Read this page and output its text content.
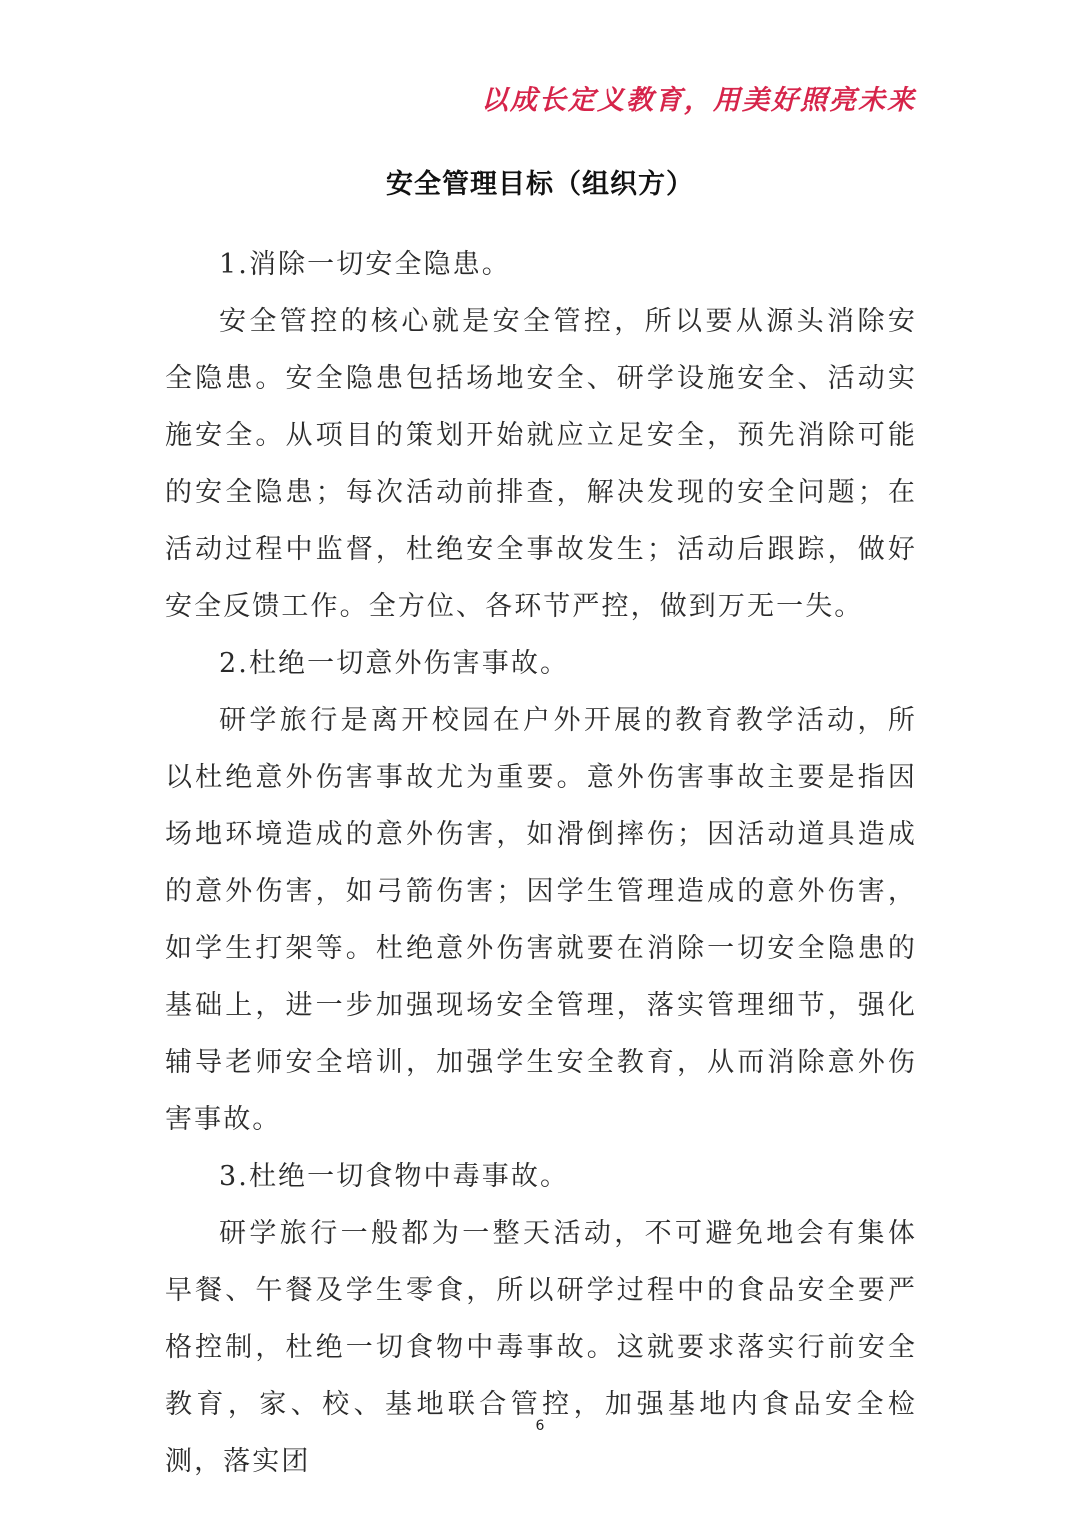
以成长定义教育，用美好照亮未来
安全管理目标（组织方）

1.消除一切安全隐患。

安全管控的核心就是安全管控，所以要从源头消除安全隐患。安全隐患包括场地安全、研学设施安全、活动实施安全。从项目的策划开始就应立足安全，预先消除可能的安全隐患；每次活动前排查，解决发现的安全问题；在活动过程中监督，杜绝安全事故发生；活动后跟踪，做好安全反馈工作。全方位、各环节严控，做到万无一失。

2.杜绝一切意外伤害事故。

研学旅行是离开校园在户外开展的教育教学活动，所以杜绝意外伤害事故尤为重要。意外伤害事故主要是指因场地环境造成的意外伤害，如滑倒摔伤；因活动道具造成的意外伤害，如弓箭伤害；因学生管理造成的意外伤害，如学生打架等。杜绝意外伤害就要在消除一切安全隐患的基础上，进一步加强现场安全管理，落实管理细节，强化辅导老师安全培训，加强学生安全教育，从而消除意外伤害事故。

3.杜绝一切食物中毒事故。

研学旅行一般都为一整天活动，不可避免地会有集体早餐、午餐及学生零食，所以研学过程中的食品安全要严格控制，杜绝一切食物中毒事故。这就要求落实行前安全教育，家、校、基地联合管控，加强基地内食品安全检测，落实团

6
